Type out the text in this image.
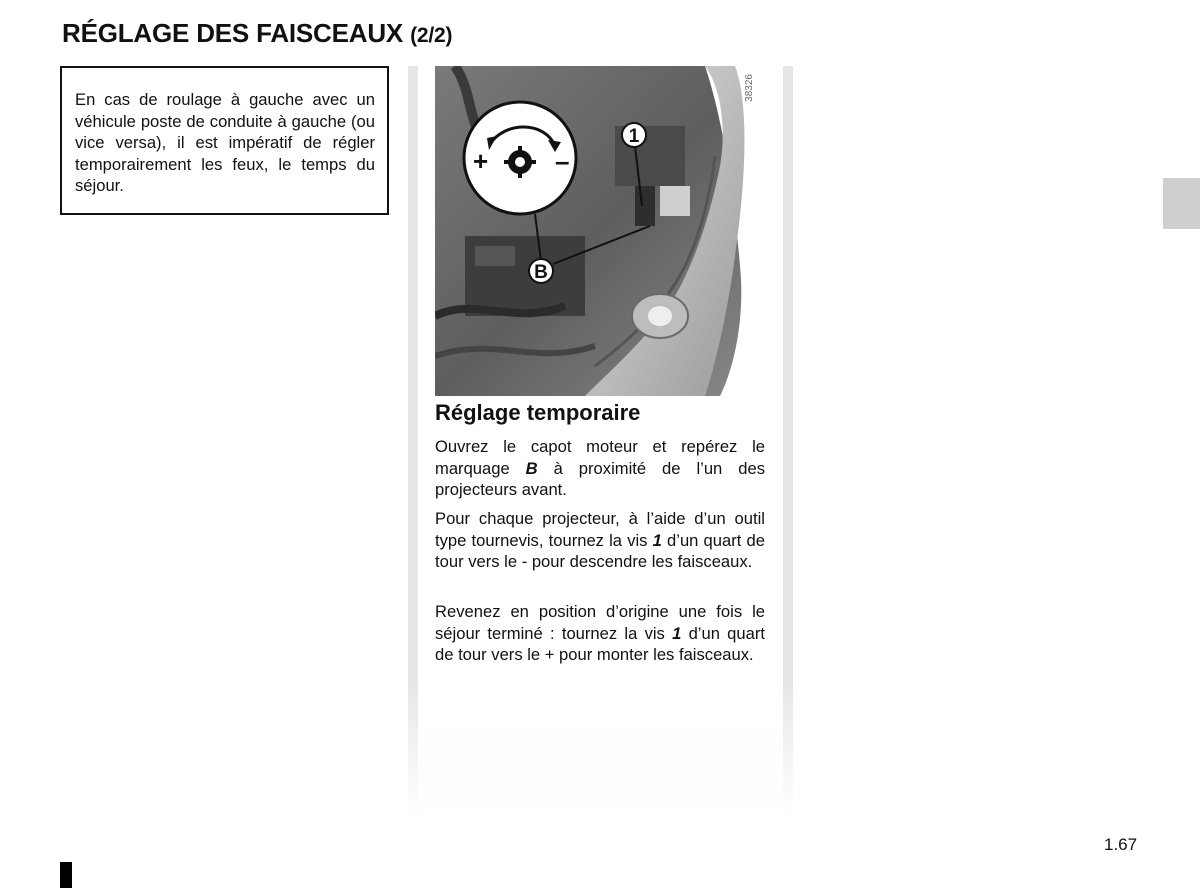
RÉGLAGE DES FAISCEAUX (2/2)

En cas de roulage à gauche avec un véhicule poste de conduite à gauche (ou vice versa), il est impératif de régler temporairement les feux, le temps du séjour.

+	–
B
1
38326
Réglage temporaire

Ouvrez le capot moteur et repérez le marquage B à proximité de l’un des projecteurs avant.

Pour chaque projecteur, à l’aide d’un outil type tournevis, tournez la vis 1 d’un quart de tour vers le - pour descendre les faisceaux.

Revenez en position d’origine une fois le séjour terminé : tournez la vis 1 d’un quart de tour vers le + pour monter les faisceaux.

1.67
